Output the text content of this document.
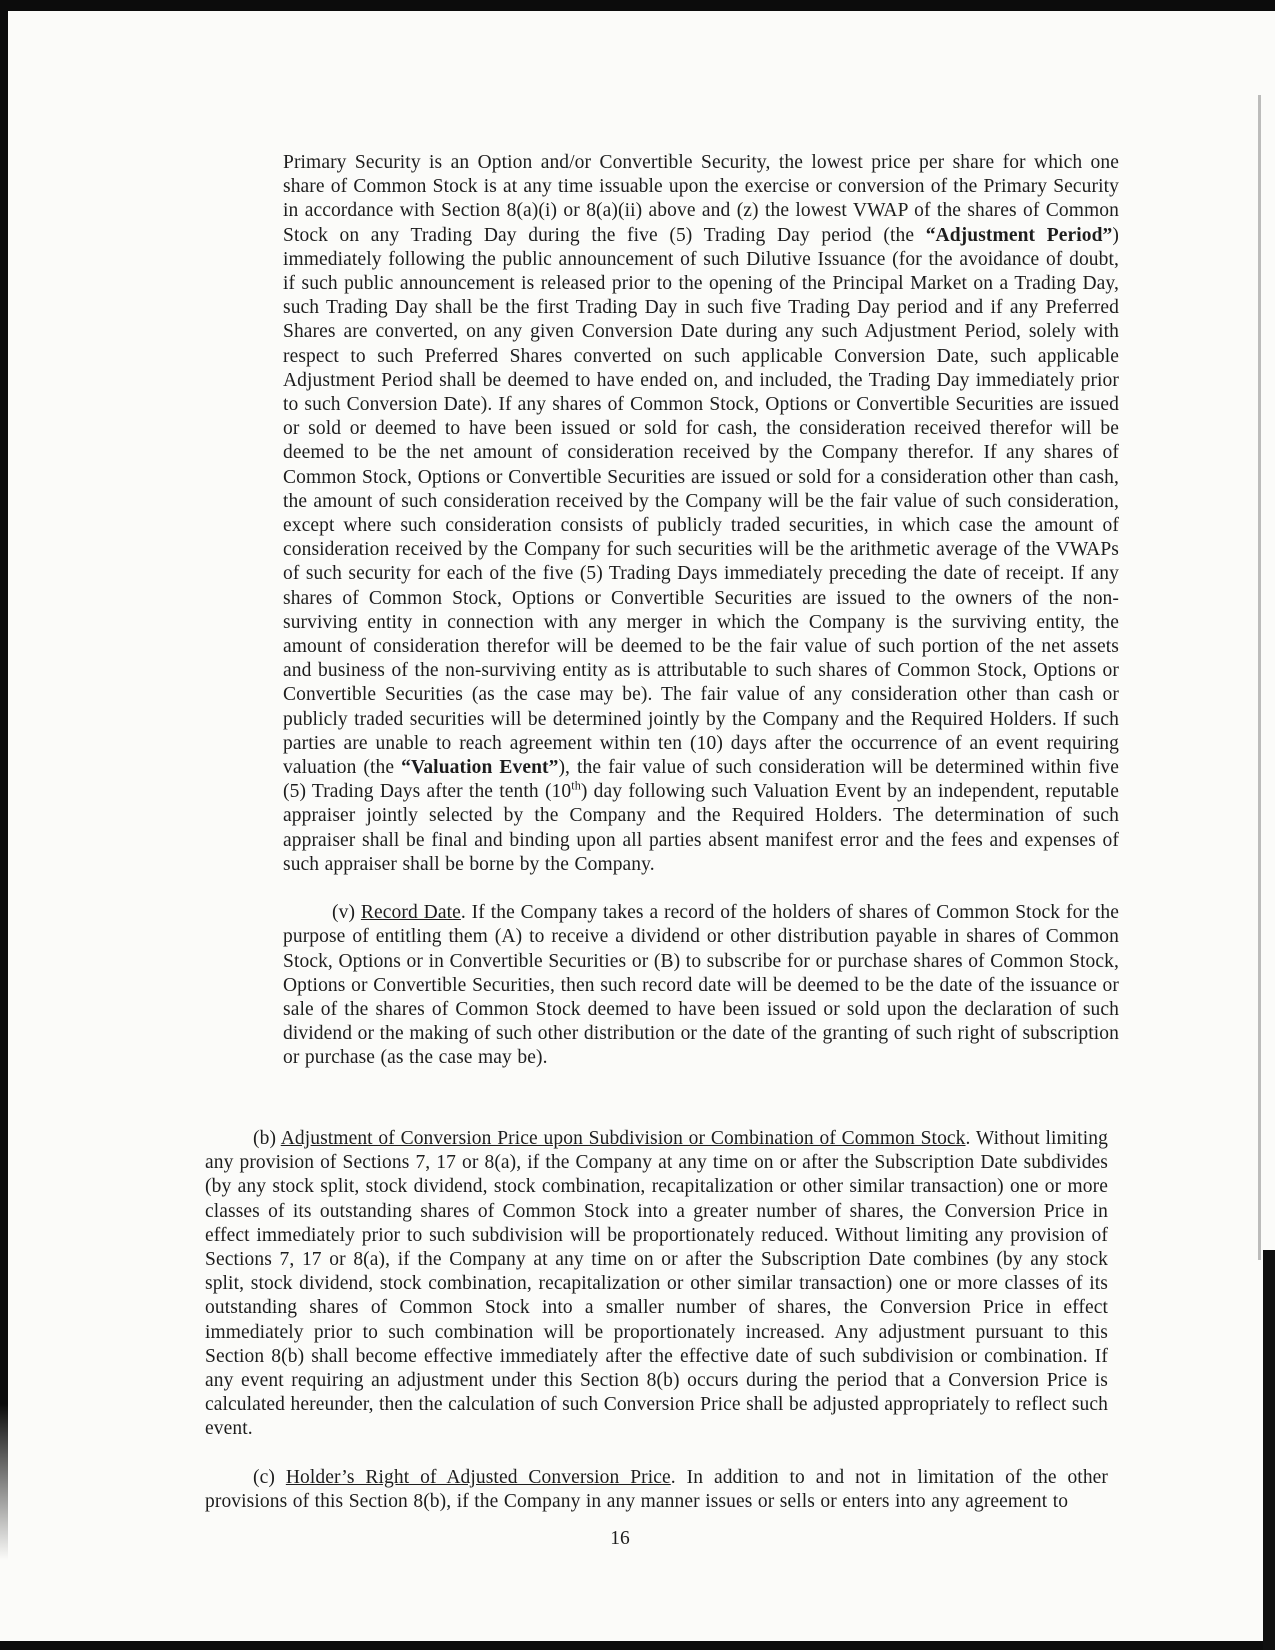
Primary Security is an Option and/or Convertible Security, the lowest price per share for which one share of Common Stock is at any time issuable upon the exercise or conversion of the Primary Security in accordance with Section 8(a)(i) or 8(a)(ii) above and (z) the lowest VWAP of the shares of Common Stock on any Trading Day during the five (5) Trading Day period (the “Adjustment Period”) immediately following the public announcement of such Dilutive Issuance (for the avoidance of doubt, if such public announcement is released prior to the opening of the Principal Market on a Trading Day, such Trading Day shall be the first Trading Day in such five Trading Day period and if any Preferred Shares are converted, on any given Conversion Date during any such Adjustment Period, solely with respect to such Preferred Shares converted on such applicable Conversion Date, such applicable Adjustment Period shall be deemed to have ended on, and included, the Trading Day immediately prior to such Conversion Date). If any shares of Common Stock, Options or Convertible Securities are issued or sold or deemed to have been issued or sold for cash, the consideration received therefor will be deemed to be the net amount of consideration received by the Company therefor. If any shares of Common Stock, Options or Convertible Securities are issued or sold for a consideration other than cash, the amount of such consideration received by the Company will be the fair value of such consideration, except where such consideration consists of publicly traded securities, in which case the amount of consideration received by the Company for such securities will be the arithmetic average of the VWAPs of such security for each of the five (5) Trading Days immediately preceding the date of receipt. If any shares of Common Stock, Options or Convertible Securities are issued to the owners of the non-surviving entity in connection with any merger in which the Company is the surviving entity, the amount of consideration therefor will be deemed to be the fair value of such portion of the net assets and business of the non-surviving entity as is attributable to such shares of Common Stock, Options or Convertible Securities (as the case may be). The fair value of any consideration other than cash or publicly traded securities will be determined jointly by the Company and the Required Holders. If such parties are unable to reach agreement within ten (10) days after the occurrence of an event requiring valuation (the “Valuation Event”), the fair value of such consideration will be determined within five (5) Trading Days after the tenth (10th) day following such Valuation Event by an independent, reputable appraiser jointly selected by the Company and the Required Holders. The determination of such appraiser shall be final and binding upon all parties absent manifest error and the fees and expenses of such appraiser shall be borne by the Company.

(v) Record Date. If the Company takes a record of the holders of shares of Common Stock for the purpose of entitling them (A) to receive a dividend or other distribution payable in shares of Common Stock, Options or in Convertible Securities or (B) to subscribe for or purchase shares of Common Stock, Options or Convertible Securities, then such record date will be deemed to be the date of the issuance or sale of the shares of Common Stock deemed to have been issued or sold upon the declaration of such dividend or the making of such other distribution or the date of the granting of such right of subscription or purchase (as the case may be).

(b) Adjustment of Conversion Price upon Subdivision or Combination of Common Stock. Without limiting any provision of Sections 7, 17 or 8(a), if the Company at any time on or after the Subscription Date subdivides (by any stock split, stock dividend, stock combination, recapitalization or other similar transaction) one or more classes of its outstanding shares of Common Stock into a greater number of shares, the Conversion Price in effect immediately prior to such subdivision will be proportionately reduced. Without limiting any provision of Sections 7, 17 or 8(a), if the Company at any time on or after the Subscription Date combines (by any stock split, stock dividend, stock combination, recapitalization or other similar transaction) one or more classes of its outstanding shares of Common Stock into a smaller number of shares, the Conversion Price in effect immediately prior to such combination will be proportionately increased. Any adjustment pursuant to this Section 8(b) shall become effective immediately after the effective date of such subdivision or combination. If any event requiring an adjustment under this Section 8(b) occurs during the period that a Conversion Price is calculated hereunder, then the calculation of such Conversion Price shall be adjusted appropriately to reflect such event.

(c) Holder’s Right of Adjusted Conversion Price. In addition to and not in limitation of the other provisions of this Section 8(b), if the Company in any manner issues or sells or enters into any agreement to

16
